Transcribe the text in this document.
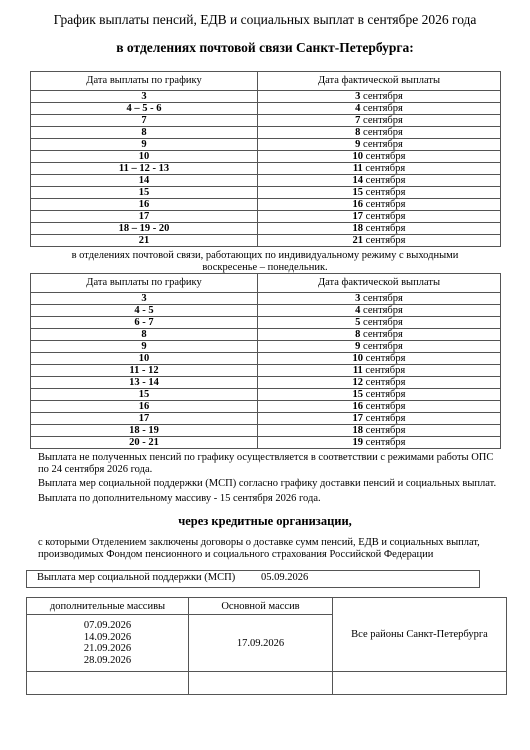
График выплаты пенсий, ЕДВ и социальных выплат в сентябре 2026 года
в отделениях почтовой связи Санкт-Петербурга:
Дата выплаты по графику	Дата фактической выплаты
3	3 сентября
4 – 5 - 6	4 сентября
7	7 сентября
8	8 сентября
9	9 сентября
10	10 сентября
11 – 12 - 13	11 сентября
14	14 сентября
15	15 сентября
16	16 сентября
17	17 сентября
18 – 19 - 20	18 сентября
21	21 сентября
в отделениях почтовой связи, работающих по индивидуальному режиму с выходными
воскресенье – понедельник.
Дата выплаты по графику	Дата фактической выплаты
3	3 сентября
4 - 5	4 сентября
6 - 7	5 сентября
8	8 сентября
9	9 сентября
10	10 сентября
11 - 12	11 сентября
13 - 14	12 сентября
15	15 сентября
16	16 сентября
17	17 сентября
18 - 19	18 сентября
20 - 21	19 сентября
Выплата не полученных пенсий по графику осуществляется в соответствии с режимами работы ОПС
по 24 сентября 2026 года.
Выплата мер социальной поддержки (МСП) согласно графику доставки пенсий и социальных выплат.
Выплата по дополнительному массиву - 15 сентября 2026 года.
через кредитные организации,
с которыми Отделением заключены договоры о доставке сумм пенсий, ЕДВ и социальных выплат,
производимых Фондом пенсионного и социального страхования Российской Федерации
Выплата мер социальной поддержки (МСП) 05.09.2026
дополнительные массивы	Основной массив	Все районы Санкт-Петербурга

07.09.2026
14.09.2026
21.09.2026
28.09.2026	17.09.2026	
